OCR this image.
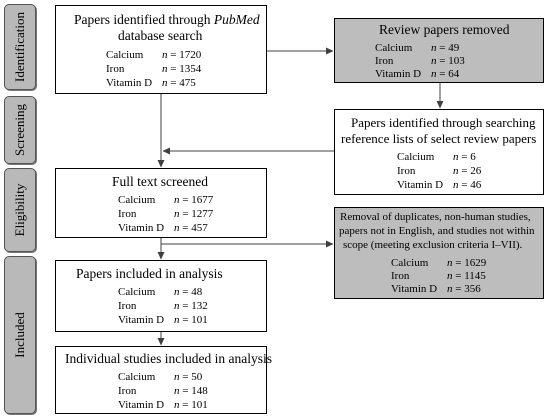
Identification
Screening
Eligibility
Included
Papers identified through PubMed
database search
Calcium n = 1720
Iron	n = 1354
Vitamin D n = 475
Review papers removed
Calcium n = 49
Iron	n = 103
Vitamin D n = 64
Papers identified through searching
reference lists of select review papers
Calcium n = 6
Iron	n = 26
Vitamin D n = 46
Full text screened
Calcium n = 1677
Iron	n = 1277
Vitamin D n = 457
Removal of duplicates, non-human studies,
papers not in English, and studies not within
scope (meeting exclusion criteria I–VII).
Calcium n = 1629
Iron	n = 1145
Vitamin D n = 356
Papers included in analysis
Calcium n = 48
Iron	n = 132
Vitamin D n = 101
Individual studies included in analysis
Calcium n = 50
Iron	n = 148
Vitamin D n = 101
